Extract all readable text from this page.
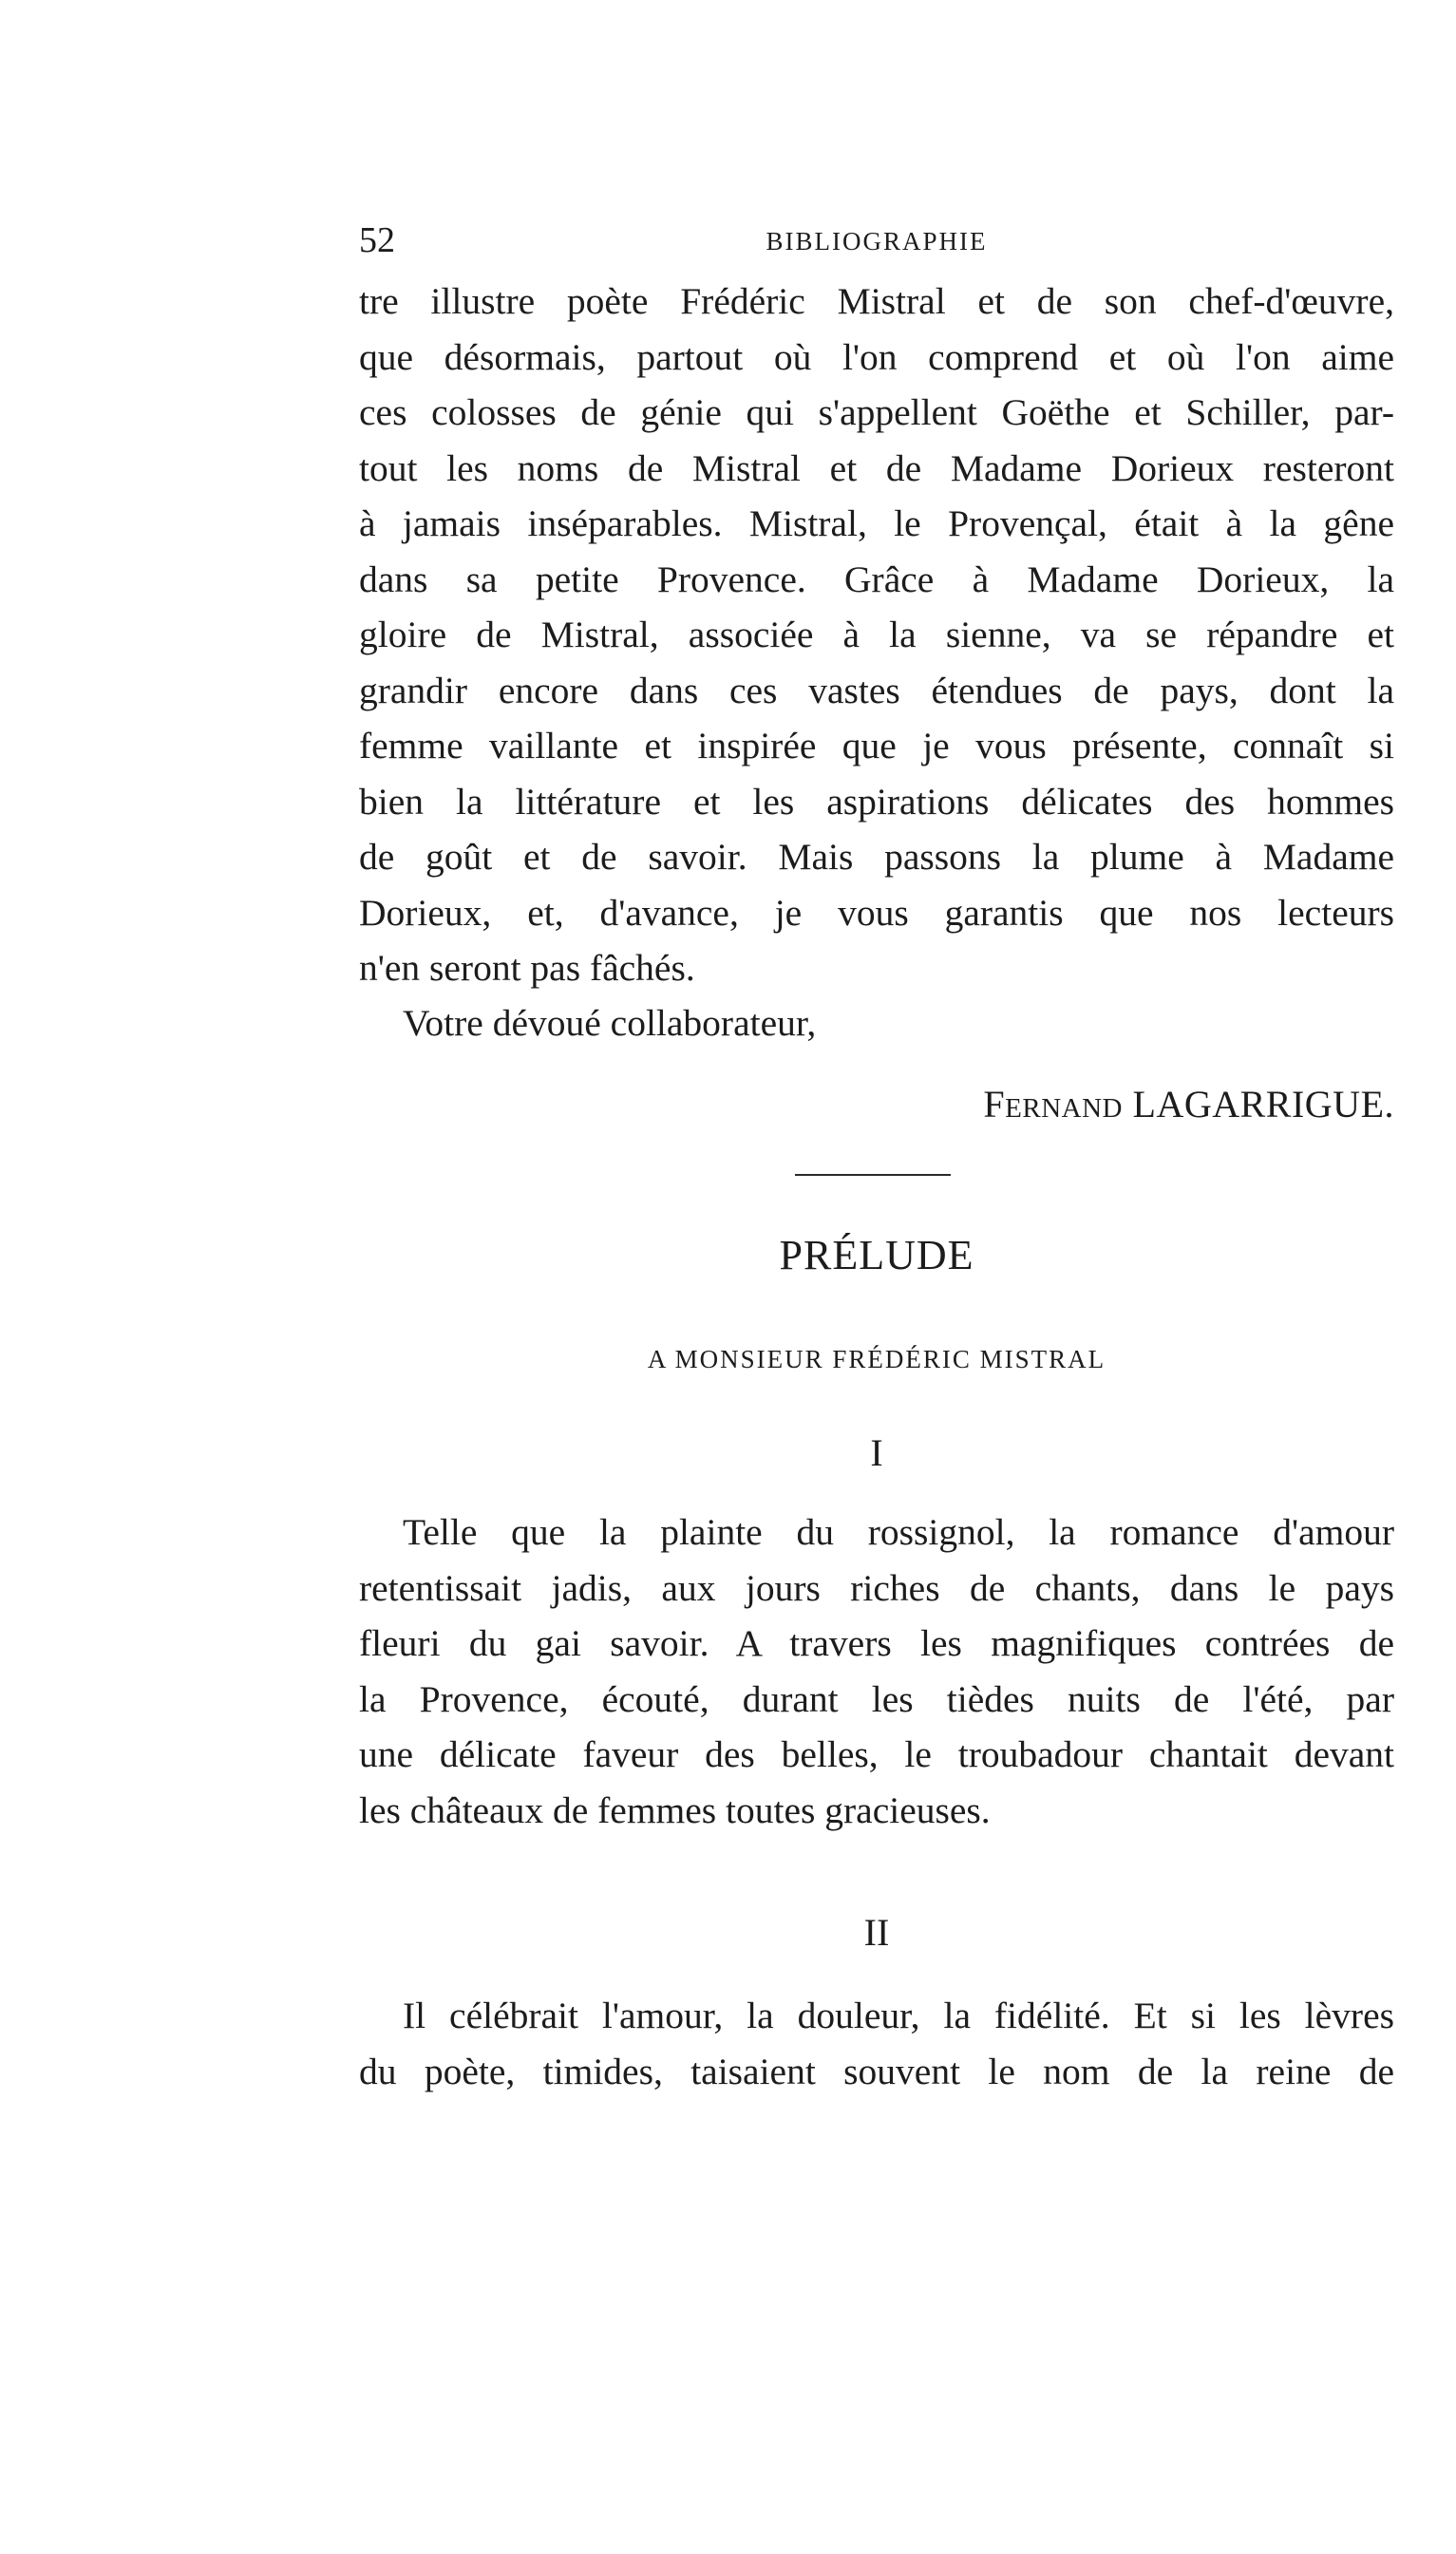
52	BIBLIOGRAPHIE
tre illustre poète Frédéric Mistral et de son chef-d'œuvre,
que désormais, partout où l'on comprend et où l'on aime
ces colosses de génie qui s'appellent Goëthe et Schiller, par-
tout les noms de Mistral et de Madame Dorieux resteront
à jamais inséparables. Mistral, le Provençal, était à la gêne
dans sa petite Provence. Grâce à Madame Dorieux, la
gloire de Mistral, associée à la sienne, va se répandre et
grandir encore dans ces vastes étendues de pays, dont la
femme vaillante et inspirée que je vous présente, connaît si
bien la littérature et les aspirations délicates des hommes
de goût et de savoir. Mais passons la plume à Madame
Dorieux, et, d'avance, je vous garantis que nos lecteurs
n'en seront pas fâchés.
Votre dévoué collaborateur,
FERNAND LAGARRIGUE.
PRÉLUDE
A MONSIEUR FRÉDÉRIC MISTRAL
I
Telle que la plainte du rossignol, la romance d'amour
retentissait jadis, aux jours riches de chants, dans le pays
fleuri du gai savoir. A travers les magnifiques contrées de
la Provence, écouté, durant les tièdes nuits de l'été, par
une délicate faveur des belles, le troubadour chantait devant
les châteaux de femmes toutes gracieuses.
II
Il célébrait l'amour, la douleur, la fidélité. Et si les lèvres
du poète, timides, taisaient souvent le nom de la reine de
